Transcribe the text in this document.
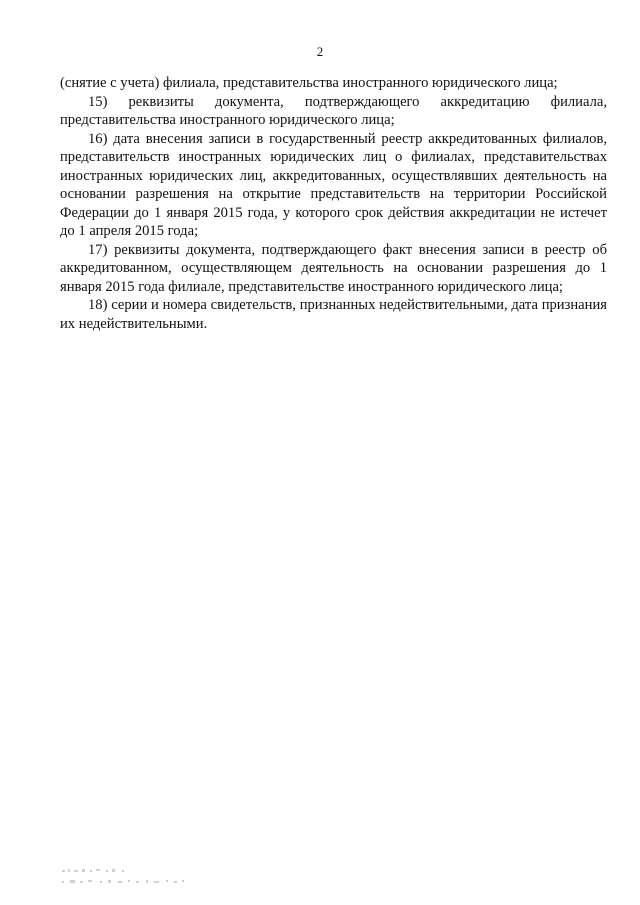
2

(снятие с учета) филиала, представительства иностранного юридического лица;

15) реквизиты документа, подтверждающего аккредитацию филиала, представительства иностранного юридического лица;

16) дата внесения записи в государственный реестр аккредитованных филиалов, представительств иностранных юридических лиц о филиалах, представительствах иностранных юридических лиц, аккредитованных, осуществлявших деятельность на основании разрешения на открытие представительств на территории Российской Федерации до 1 января 2015 года, у которого срок действия аккредитации не истечет до 1 апреля 2015 года;

17) реквизиты документа, подтверждающего факт внесения записи в реестр об аккредитованном, осуществляющем деятельность на основании разрешения до 1 января 2015 года филиале, представительстве иностранного юридического лица;

18) серии и номера свидетельств, признанных недействительными, дата признания их недействительными.
